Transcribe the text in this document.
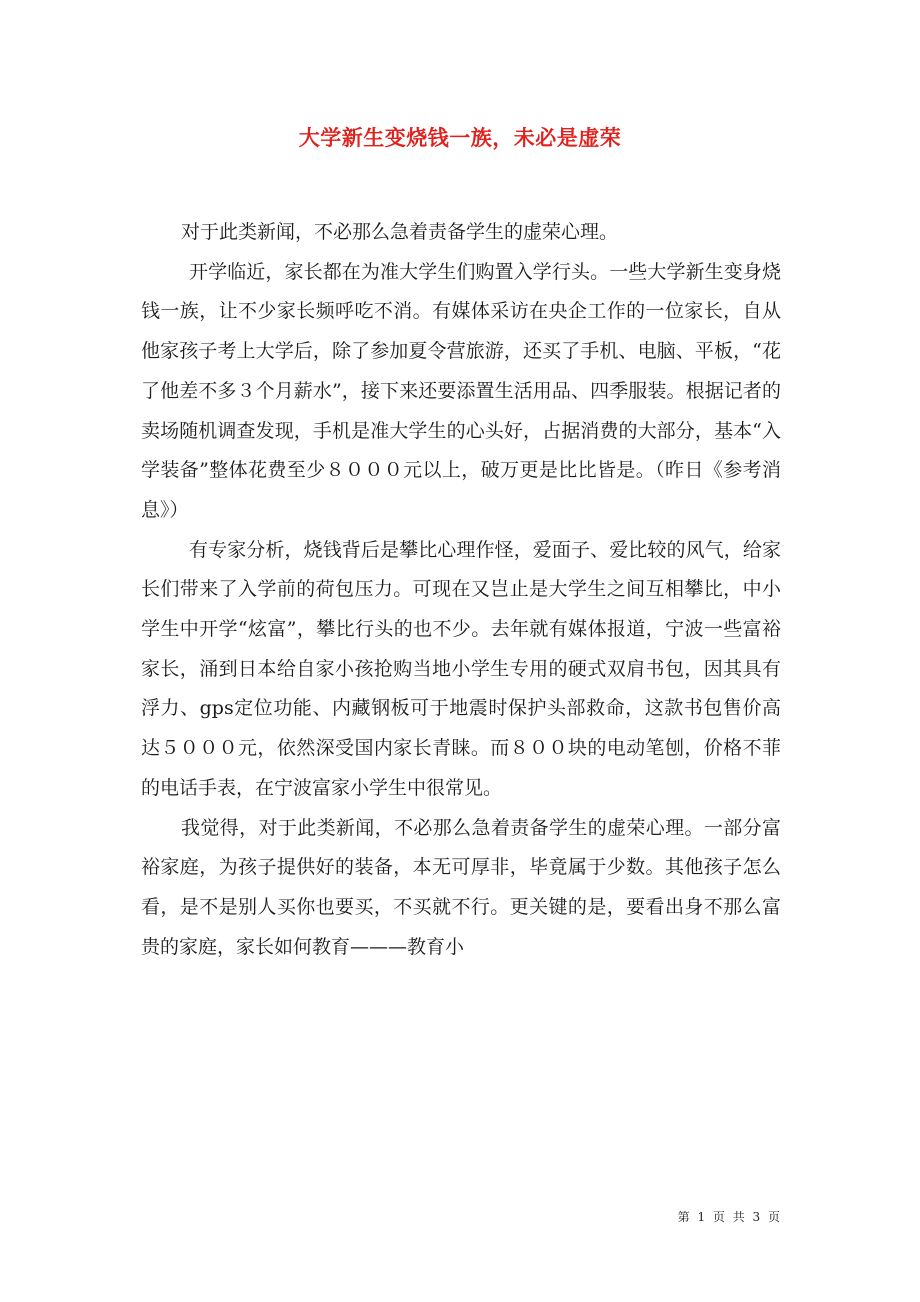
大学新生变烧钱一族，未必是虚荣

对于此类新闻，不必那么急着责备学生的虚荣心理。

开学临近，家长都在为准大学生们购置入学行头。一些大学新生变身烧钱一族，让不少家长频呼吃不消。有媒体采访在央企工作的一位家长，自从他家孩子考上大学后，除了参加夏令营旅游，还买了手机、电脑、平板，“花了他差不多３个月薪水”，接下来还要添置生活用品、四季服装。根据记者的卖场随机调查发现，手机是准大学生的心头好，占据消费的大部分，基本“入学装备”整体花费至少８０００元以上，破万更是比比皆是。（昨日《参考消息》）

有专家分析，烧钱背后是攀比心理作怪，爱面子、爱比较的风气，给家长们带来了入学前的荷包压力。可现在又岂止是大学生之间互相攀比，中小学生中开学“炫富”，攀比行头的也不少。去年就有媒体报道，宁波一些富裕家长，涌到日本给自家小孩抢购当地小学生专用的硬式双肩书包，因其具有浮力、gps定位功能、内藏钢板可于地震时保护头部救命，这款书包售价高达５０００元，依然深受国内家长青睐。而８００块的电动笔刨，价格不菲的电话手表，在宁波富家小学生中很常见。

我觉得，对于此类新闻，不必那么急着责备学生的虚荣心理。一部分富裕家庭，为孩子提供好的装备，本无可厚非，毕竟属于少数。其他孩子怎么看，是不是别人买你也要买，不买就不行。更关键的是，要看出身不那么富贵的家庭，家长如何教育———教育小

第 1 页 共 3 页
